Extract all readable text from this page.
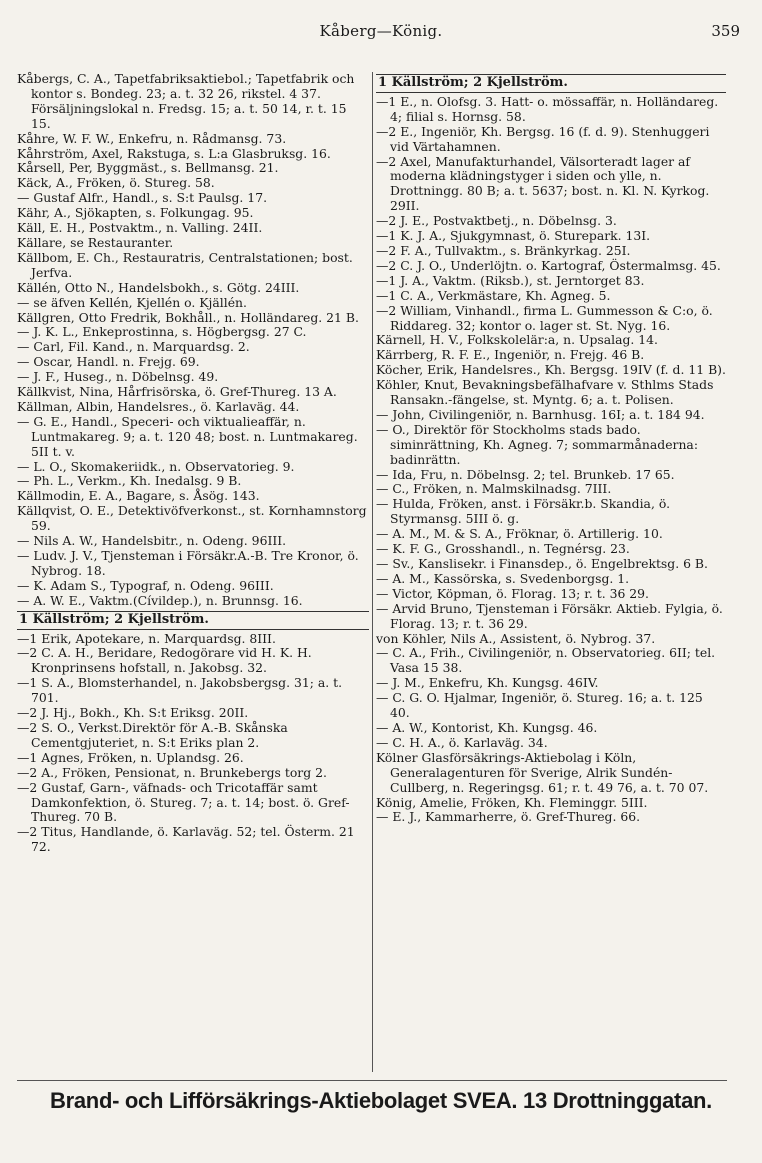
Kåberg—König.	359

Kåbergs, C. A., Tapetfabriksaktiebol.; Tapetfabrik och kontor s. Bondeg. 23; a. t. 32 26, rikstel. 4 37. Försäljningslokal n. Fredsg. 15; a. t. 50 14, r. t. 15 15.

Kåhre, W. F. W., Enkefru, n. Rådmansg. 73.

Kåhrström, Axel, Rakstuga, s. L:a Glasbruksg. 16.

Kårsell, Per, Byggmäst., s. Bellmansg. 21.

Käck, A., Fröken, ö. Stureg. 58.

— Gustaf Alfr., Handl., s. S:t Paulsg. 17.

Kähr, A., Sjökapten, s. Folkungag. 95.

Käll, E. H., Postvaktm., n. Valling. 24II.

Källare, se Restauranter.

Källbom, E. Ch., Restauratris, Centralstationen; bost. Jerfva.

Källén, Otto N., Handelsbokh., s. Götg. 24III.

— se äfven Kellén, Kjellén o. Kjällén.

Källgren, Otto Fredrik, Bokhåll., n. Holländareg. 21 B.

— J. K. L., Enkeprostinna, s. Högbergsg. 27 C.

— Carl, Fil. Kand., n. Marquardsg. 2.

— Oscar, Handl. n. Frejg. 69.

— J. F., Huseg., n. Döbelnsg. 49.

Källkvist, Nina, Hårfrisörska, ö. Gref-Thureg. 13 A.

Källman, Albin, Handelsres., ö. Karlaväg. 44.

— G. E., Handl., Speceri- och viktualieaffär, n. Luntmakareg. 9; a. t. 120 48; bost. n. Luntmakareg. 5II t. v.

— L. O., Skomakeriidk., n. Observatorieg. 9.

— Ph. L., Verkm., Kh. Inedalsg. 9 B.

Källmodin, E. A., Bagare, s. Åsög. 143.

Källqvist, O. E., Detektivöfverkonst., st. Kornhamnstorg 59.

— Nils A. W., Handelsbitr., n. Odeng. 96III.

— Ludv. J. V., Tjensteman i Försäkr.A.-B. Tre Kronor, ö. Nybrog. 18.

— K. Adam S., Typograf, n. Odeng. 96III.

— A. W. E., Vaktm.(Cívildep.), n. Brunnsg. 16.

1 Källström; 2 Kjellström.

—1 Erik, Apotekare, n. Marquardsg. 8III.

—2 C. A. H., Beridare, Redogörare vid H. K. H. Kronprinsens hofstall, n. Jakobsg. 32.

—1 S. A., Blomsterhandel, n. Jakobsbergsg. 31; a. t. 701.

—2 J. Hj., Bokh., Kh. S:t Eriksg. 20II.

—2 S. O., Verkst.Direktör för A.-B. Skånska Cementgjuteriet, n. S:t Eriks plan 2.

—1 Agnes, Fröken, n. Uplandsg. 26.

—2 A., Fröken, Pensionat, n. Brunkebergs torg 2.

—2 Gustaf, Garn-, väfnads- och Tricotaffär samt Damkonfektion, ö. Stureg. 7; a. t. 14; bost. ö. Gref-Thureg. 70 B.

—2 Titus, Handlande, ö. Karlaväg. 52; tel. Österm. 21 72.

1 Källström; 2 Kjellström.

—1 E., n. Olofsg. 3. Hatt- o. mössaffär, n. Holländareg. 4; filial s. Hornsg. 58.

—2 E., Ingeniör, Kh. Bergsg. 16 (f. d. 9). Stenhuggeri vid Värtahamnen.

—2 Axel, Manufakturhandel, Välsorteradt lager af moderna klädningstyger i siden och ylle, n. Drottningg. 80 B; a. t. 5637; bost. n. Kl. N. Kyrkog. 29II.

—2 J. E., Postvaktbetj., n. Döbelnsg. 3.

—1 K. J. A., Sjukgymnast, ö. Sturepark. 13I.

—2 F. A., Tullvaktm., s. Bränkyrkag. 25I.

—2 C. J. O., Underlöjtn. o. Kartograf, Östermalmsg. 45.

—1 J. A., Vaktm. (Riksb.), st. Jerntorget 83.

—1 C. A., Verkmästare, Kh. Agneg. 5.

—2 William, Vinhandl., firma L. Gummesson & C:o, ö. Riddareg. 32; kontor o. lager st. St. Nyg. 16.

Kärnell, H. V., Folkskolelär:a, n. Upsalag. 14.

Kärrberg, R. F. E., Ingeniör, n. Frejg. 46 B.

Köcher, Erik, Handelsres., Kh. Bergsg. 19IV (f. d. 11 B).

Köhler, Knut, Bevakningsbefälhafvare v. Sthlms Stads Ransakn.-fängelse, st. Myntg. 6; a. t. Polisen.

— John, Civilingeniör, n. Barnhusg. 16I; a. t. 184 94.

— O., Direktör för Stockholms stads bado. siminrättning, Kh. Agneg. 7; sommarmånaderna: badinrättn.

— Ida, Fru, n. Döbelnsg. 2; tel. Brunkeb. 17 65.

— C., Fröken, n. Malmskilnadsg. 7III.

— Hulda, Fröken, anst. i Försäkr.b. Skandia, ö. Styrmansg. 5III ö. g.

— A. M., M. & S. A., Fröknar, ö. Artillerig. 10.

— K. F. G., Grosshandl., n. Tegnérsg. 23.

— Sv., Kanslisekr. i Finansdep., ö. Engelbrektsg. 6 B.

— A. M., Kassörska, s. Svedenborgsg. 1.

— Victor, Köpman, ö. Florag. 13; r. t. 36 29.

— Arvid Bruno, Tjensteman i Försäkr. Aktieb. Fylgia, ö. Florag. 13; r. t. 36 29.

von Köhler, Nils A., Assistent, ö. Nybrog. 37.

— C. A., Frih., Civilingeniör, n. Observatorieg. 6II; tel. Vasa 15 38.

— J. M., Enkefru, Kh. Kungsg. 46IV.

— C. G. O. Hjalmar, Ingeniör, ö. Stureg. 16; a. t. 125 40.

— A. W., Kontorist, Kh. Kungsg. 46.

— C. H. A., ö. Karlaväg. 34.

Kölner Glasförsäkrings-Aktiebolag i Köln, Generalagenturen för Sverige, Alrik Sundén-Cullberg, n. Regeringsg. 61; r. t. 49 76, a. t. 70 07.

König, Amelie, Fröken, Kh. Fleminggr. 5III.

— E. J., Kammarherre, ö. Gref-Thureg. 66.

Brand- och Lifförsäkrings-Aktiebolaget SVEA. 13 Drottninggatan.
